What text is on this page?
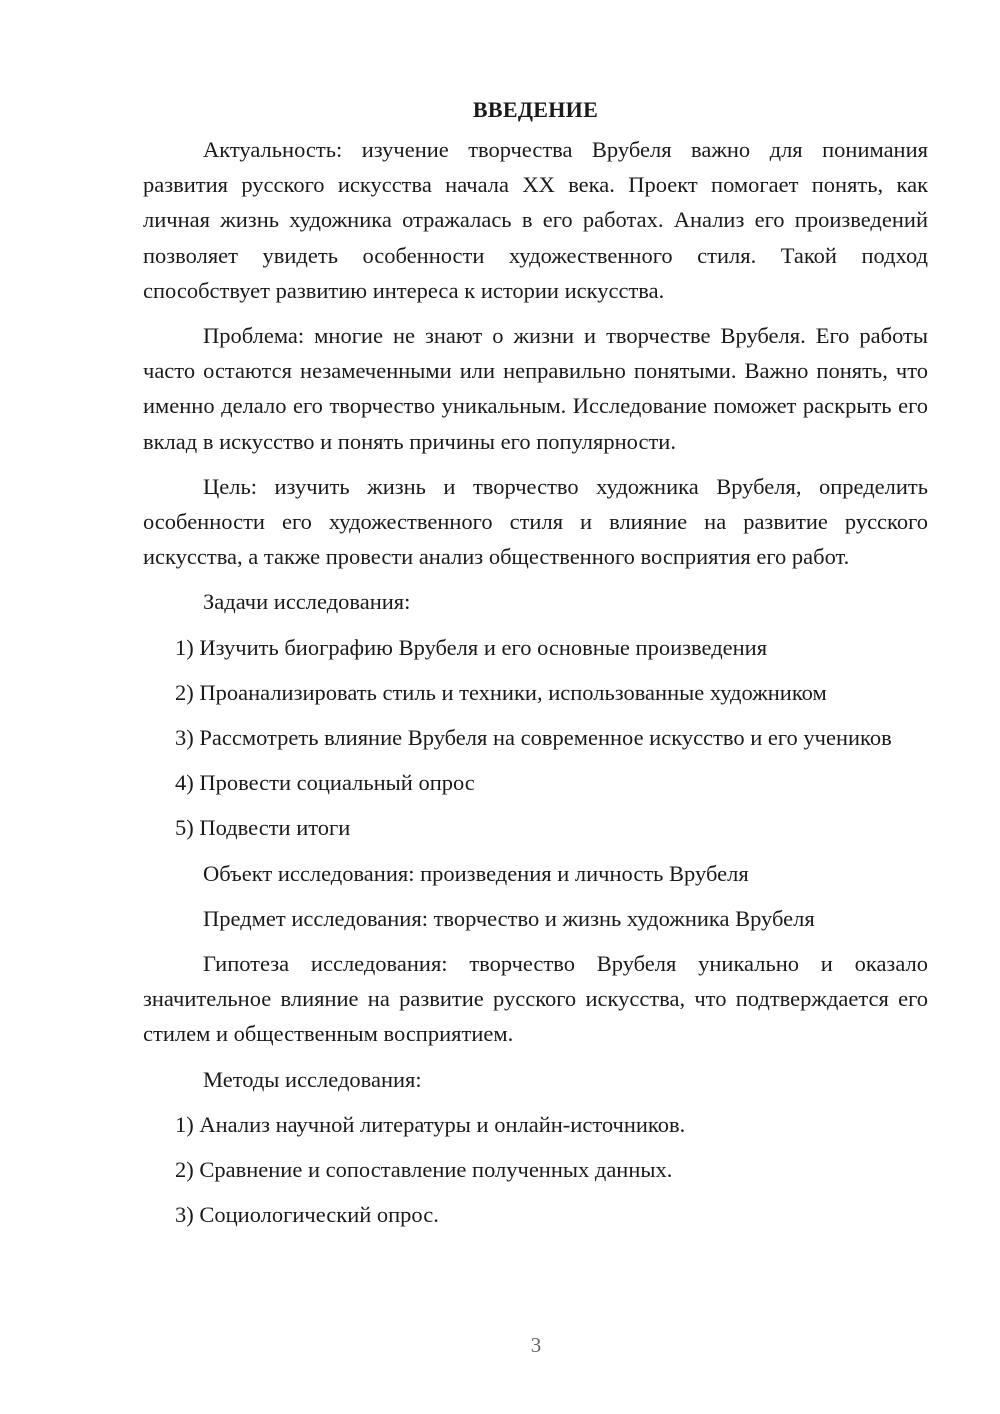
ВВЕДЕНИЕ

Актуальность: изучение творчества Врубеля важно для понимания развития русского искусства начала XX века. Проект помогает понять, как личная жизнь художника отражалась в его работах. Анализ его произведений позволяет увидеть особенности художественного стиля. Такой подход способствует развитию интереса к истории искусства.

Проблема: многие не знают о жизни и творчестве Врубеля. Его работы часто остаются незамеченными или неправильно понятыми. Важно понять, что именно делало его творчество уникальным. Исследование поможет раскрыть его вклад в искусство и понять причины его популярности.

Цель: изучить жизнь и творчество художника Врубеля, определить особенности его художественного стиля и влияние на развитие русского искусства, а также провести анализ общественного восприятия его работ.

Задачи исследования:

1) Изучить биографию Врубеля и его основные произведения

2) Проанализировать стиль и техники, использованные художником

3) Рассмотреть влияние Врубеля на современное искусство и его учеников

4) Провести социальный опрос

5) Подвести итоги

Объект исследования: произведения и личность Врубеля

Предмет исследования: творчество и жизнь художника Врубеля

Гипотеза исследования: творчество Врубеля уникально и оказало значительное влияние на развитие русского искусства, что подтверждается его стилем и общественным восприятием.

Методы исследования:

1) Анализ научной литературы и онлайн-источников.

2) Сравнение и сопоставление полученных данных.

3) Социологический опрос.

3
